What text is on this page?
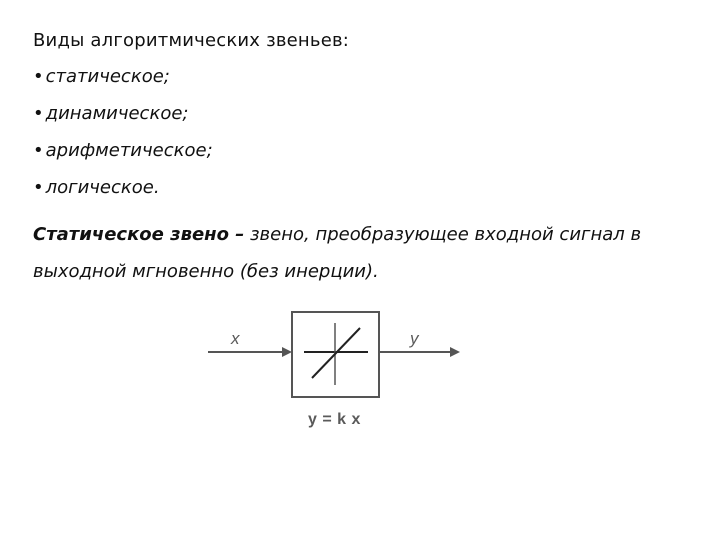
Виды алгоритмических звеньев:
• статическое;
• динамическое;
• арифметическое;
• логическое.
Статическое звено – звено, преобразующее входной сигнал в выходной мгновенно (без инерции).
x	y
y = k x
